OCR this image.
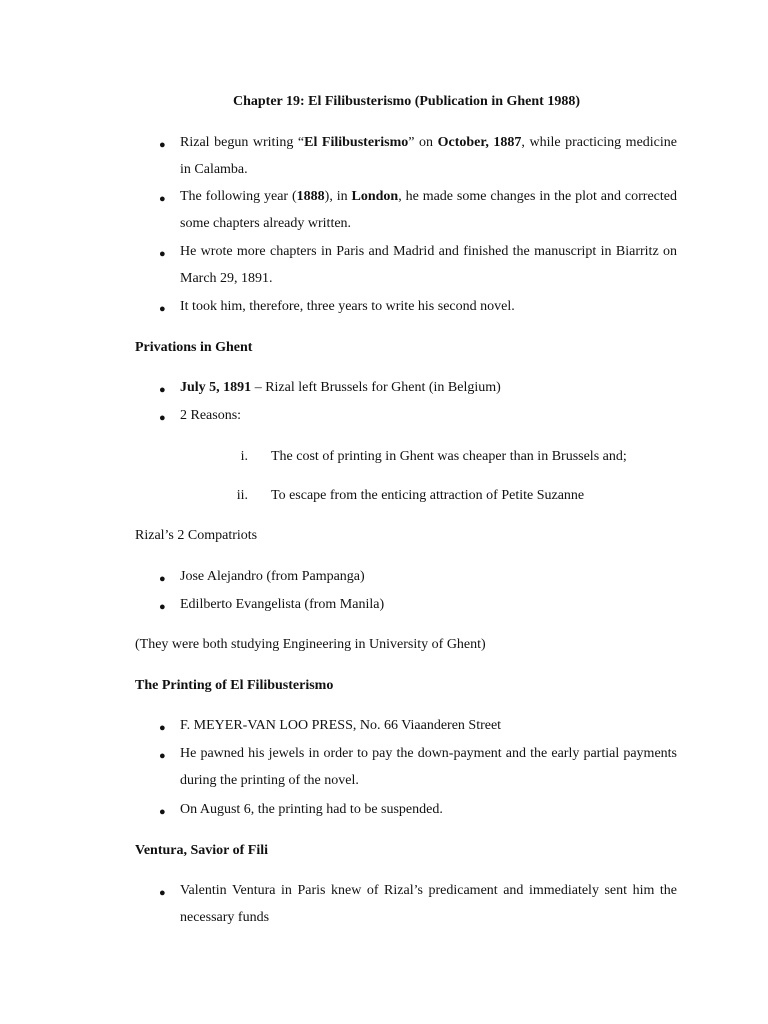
Chapter 19: El Filibusterismo (Publication in Ghent 1988)
● Rizal begun writing “El Filibusterismo” on October, 1887, while practicing medicine in Calamba.

● The following year (1888), in London, he made some changes in the plot and corrected some chapters already written.

● He wrote more chapters in Paris and Madrid and finished the manuscript in Biarritz on March 29, 1891.

● It took him, therefore, three years to write his second novel.
Privations in Ghent
● July 5, 1891 – Rizal left Brussels for Ghent (in Belgium)
● 2 Reasons:
i. The cost of printing in Ghent was cheaper than in Brussels and;
ii. To escape from the enticing attraction of Petite Suzanne
Rizal’s 2 Compatriots
● Jose Alejandro (from Pampanga)
● Edilberto Evangelista (from Manila)
(They were both studying Engineering in University of Ghent)
The Printing of El Filibusterismo
● F. MEYER-VAN LOO PRESS, No. 66 Viaanderen Street
● He pawned his jewels in order to pay the down-payment and the early partial payments during the printing of the novel.

● On August 6, the printing had to be suspended.
Ventura, Savior of Fili
● Valentin Ventura in Paris knew of Rizal’s predicament and immediately sent him the necessary funds
